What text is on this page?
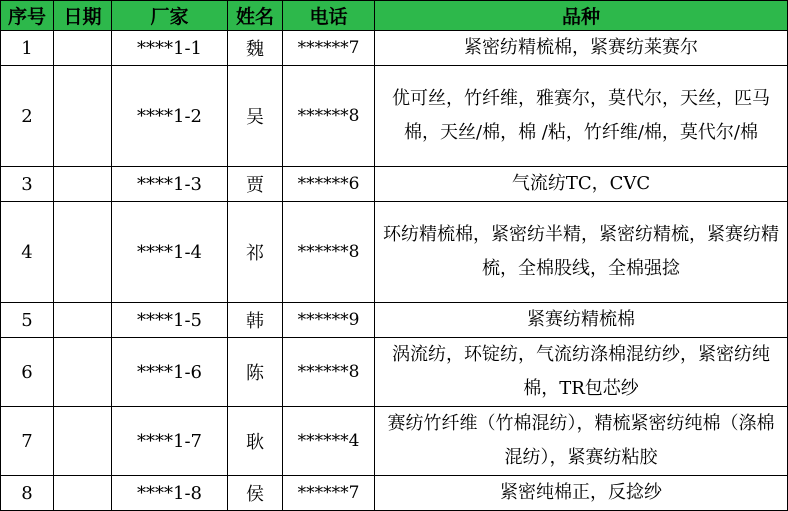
序号	日期	厂家	姓名	电话	品种
1		****1-1	魏	******7	紧密纺精梳棉，紧赛纺莱赛尔
2		****1-2	吴	******8	优可丝，竹纤维，雅赛尔，莫代尔，天丝，匹马棉，天丝/棉，棉 /粘，竹纤维/棉，莫代尔/棉
3		****1-3	贾	******6	气流纺TC，CVC
4		****1-4	祁	******8	环纺精梳棉，紧密纺半精，紧密纺精梳，紧赛纺精梳，全棉股线，全棉强捻
5		****1-5	韩	******9	紧赛纺精梳棉
6		****1-6	陈	******8	涡流纺，环锭纺，气流纺涤棉混纺纱，紧密纺纯棉，TR包芯纱
7		****1-7	耿	******4	赛纺竹纤维（竹棉混纺），精梳紧密纺纯棉（涤棉混纺），紧赛纺粘胶
8		****1-8	侯	******7	紧密纯棉正，反捻纱
